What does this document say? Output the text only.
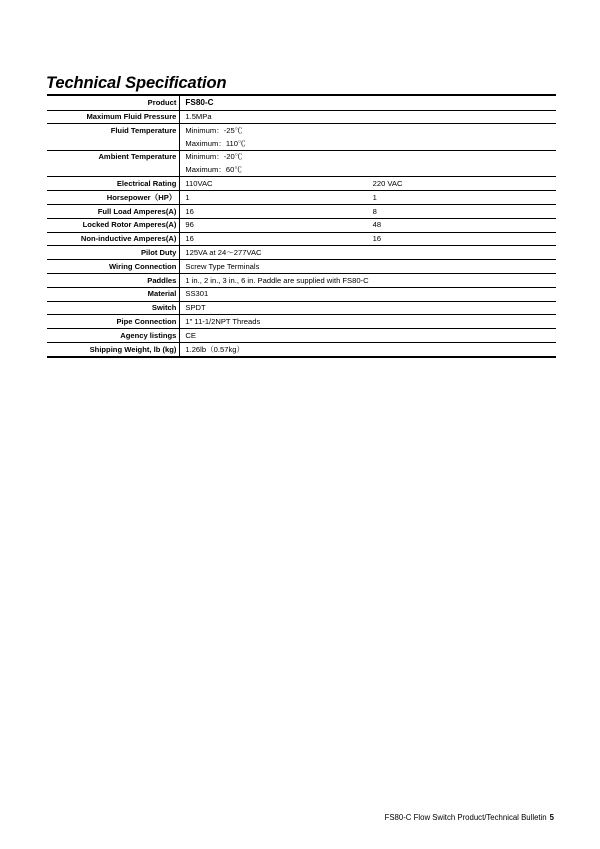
Technical Specification
Product	FS80-C	
Maximum Fluid Pressure	1.5MPa	
Fluid Temperature	Minimum：-25℃	
	Maximum：110℃	
Ambient Temperature	Minimum：-20℃	
	Maximum：60℃	
Electrical Rating	110VAC	220 VAC
Horsepower（HP）	1	1
Full Load Amperes(A)	16	8
Locked Rotor Amperes(A)	96	48
Non-inductive Amperes(A)	16	16
Pilot Duty	125VA at 24～277VAC	
Wiring Connection	Screw Type Terminals	
Paddles	1 in., 2 in., 3 in., 6 in. Paddle are supplied with FS80-C	
Material	SS301	
Switch	SPDT	
Pipe Connection	1" 11-1/2NPT Threads	
Agency listings	CE	
Shipping Weight, lb (kg)	1.26lb（0.57kg）	
FS80-C Flow Switch Product/Technical Bulletin 5
